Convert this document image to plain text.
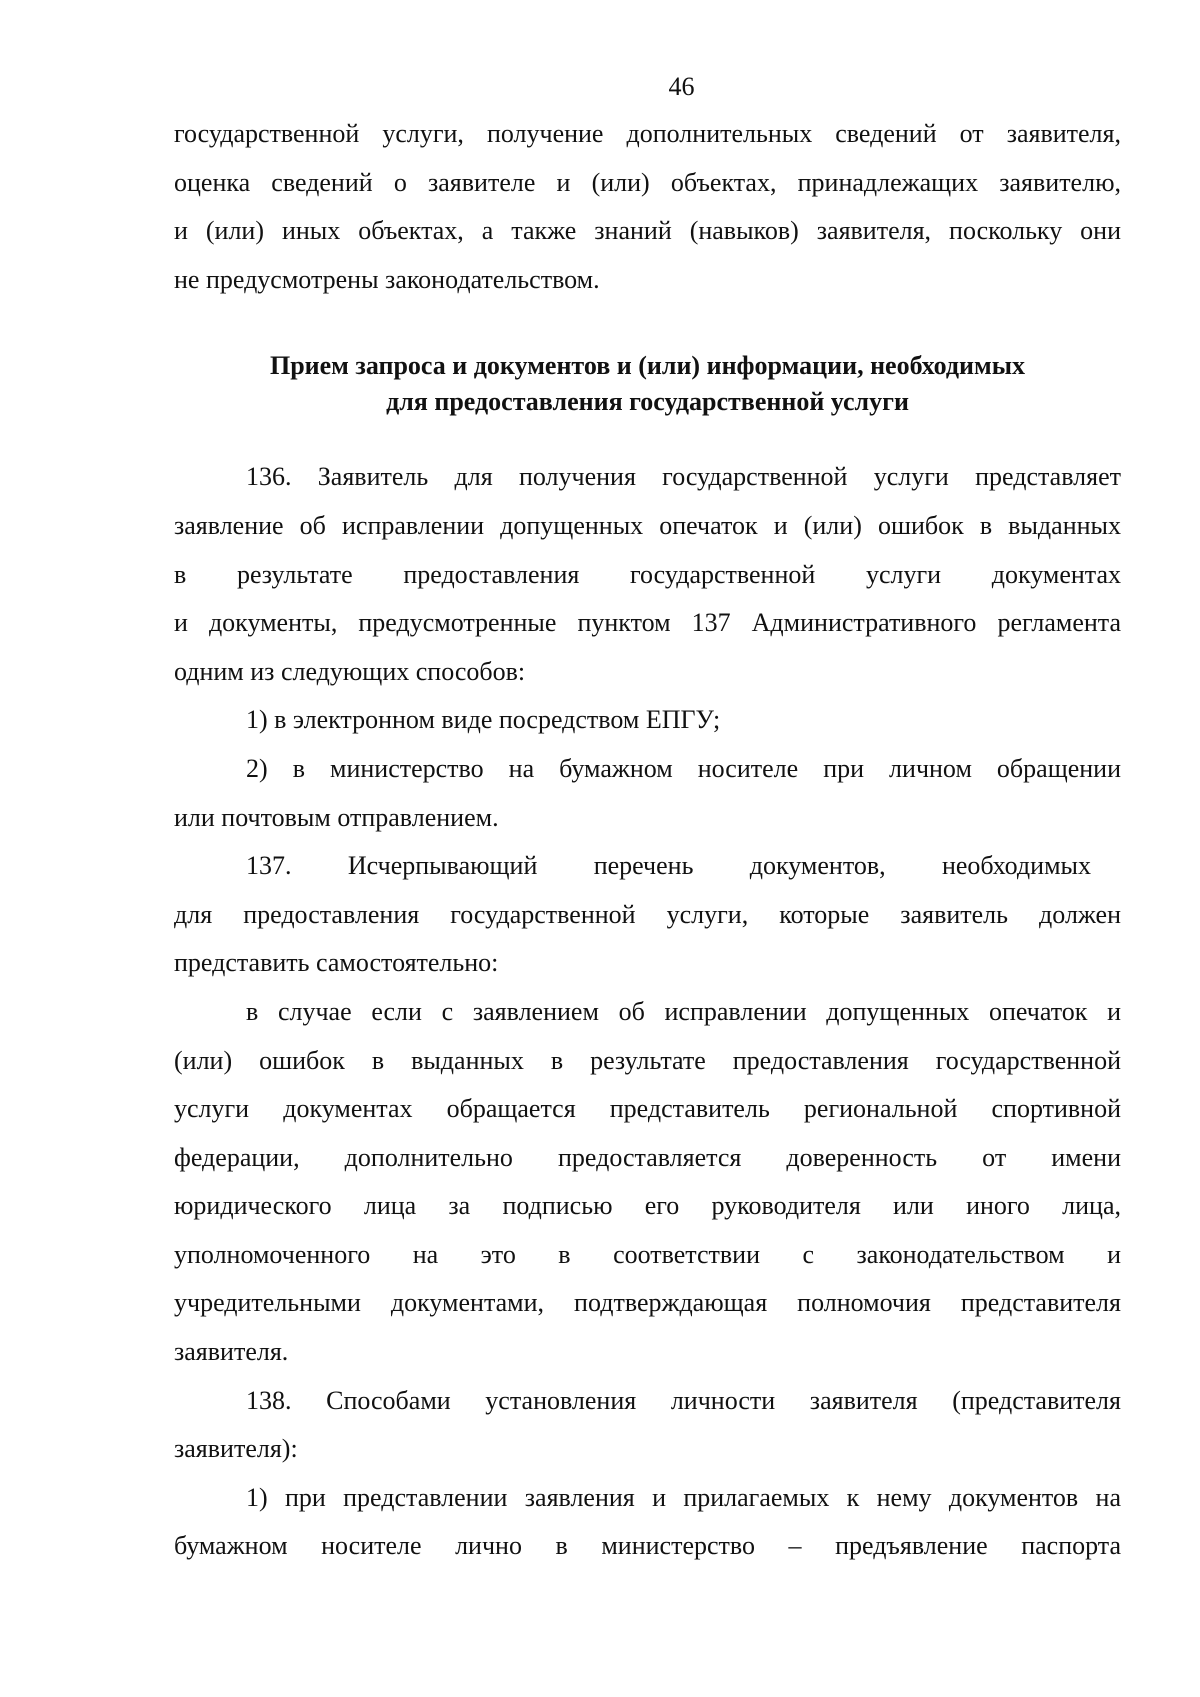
46
государственной услуги, получение дополнительных сведений от заявителя,
оценка сведений о заявителе и (или) объектах, принадлежащих заявителю,
и (или) иных объектах, а также знаний (навыков) заявителя, поскольку они
не предусмотрены законодательством.
Прием запроса и документов и (или) информации, необходимых
для предоставления государственной услуги
136. Заявитель для получения государственной услуги представляет
заявление об исправлении допущенных опечаток и (или) ошибок в выданных
в результате предоставления государственной услуги документах
и документы, предусмотренные пунктом 137 Административного регламента
одним из следующих способов:
1) в электронном виде посредством ЕПГУ;
2) в министерство на бумажном носителе при личном обращении
или почтовым отправлением.
137. Исчерпывающий перечень документов, необходимых
для предоставления государственной услуги, которые заявитель должен
представить самостоятельно:
в случае если с заявлением об исправлении допущенных опечаток и
(или) ошибок в выданных в результате предоставления государственной
услуги документах обращается представитель региональной спортивной
федерации, дополнительно предоставляется доверенность от имени
юридического лица за подписью его руководителя или иного лица,
уполномоченного на это в соответствии с законодательством и
учредительными документами, подтверждающая полномочия представителя
заявителя.
138. Способами установления личности заявителя (представителя
заявителя):
1) при представлении заявления и прилагаемых к нему документов на
бумажном носителе лично в министерство – предъявление паспорта
